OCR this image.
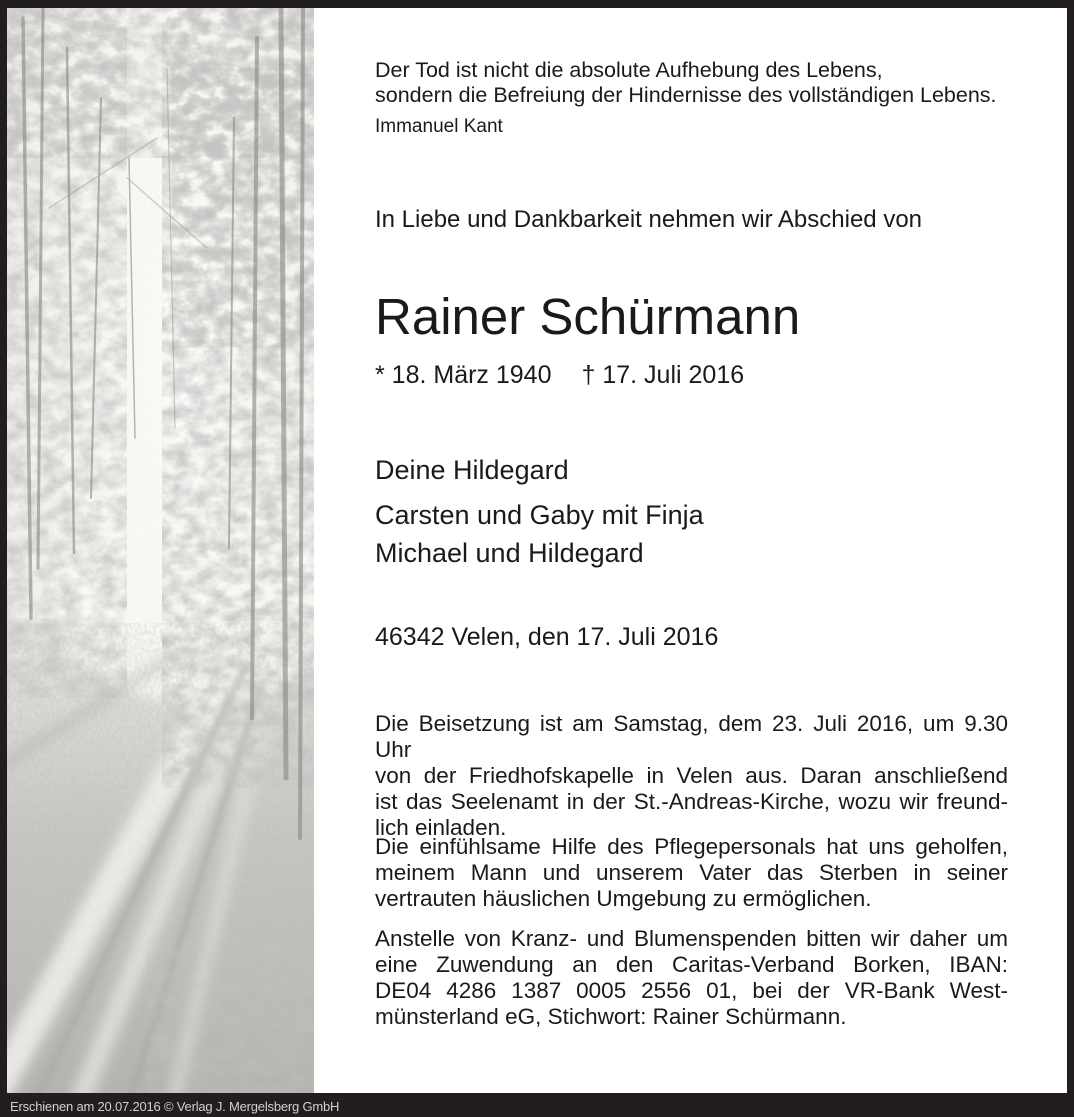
Der Tod ist nicht die absolute Aufhebung des Lebens,
sondern die Befreiung der Hindernisse des vollständigen Lebens.
Immanuel Kant
In Liebe und Dankbarkeit nehmen wir Abschied von
Rainer Schürmann
* 18. März 1940 † 17. Juli 2016
Deine Hildegard
Carsten und Gaby mit Finja
Michael und Hildegard
46342 Velen, den 17. Juli 2016
Die Beisetzung ist am Samstag, dem 23. Juli 2016, um 9.30 Uhr
von der Friedhofskapelle in Velen aus. Daran anschließend
ist das Seelenamt in der St.-Andreas-Kirche, wozu wir freund-
lich einladen.
Die einfühlsame Hilfe des Pflegepersonals hat uns geholfen,
meinem Mann und unserem Vater das Sterben in seiner
vertrauten häuslichen Umgebung zu ermöglichen.
Anstelle von Kranz- und Blumenspenden bitten wir daher um
eine Zuwendung an den Caritas-Verband Borken, IBAN:
DE04 4286 1387 0005 2556 01, bei der VR-Bank West-
münsterland eG, Stichwort: Rainer Schürmann.
Erschienen am 20.07.2016 © Verlag J. Mergelsberg GmbH
